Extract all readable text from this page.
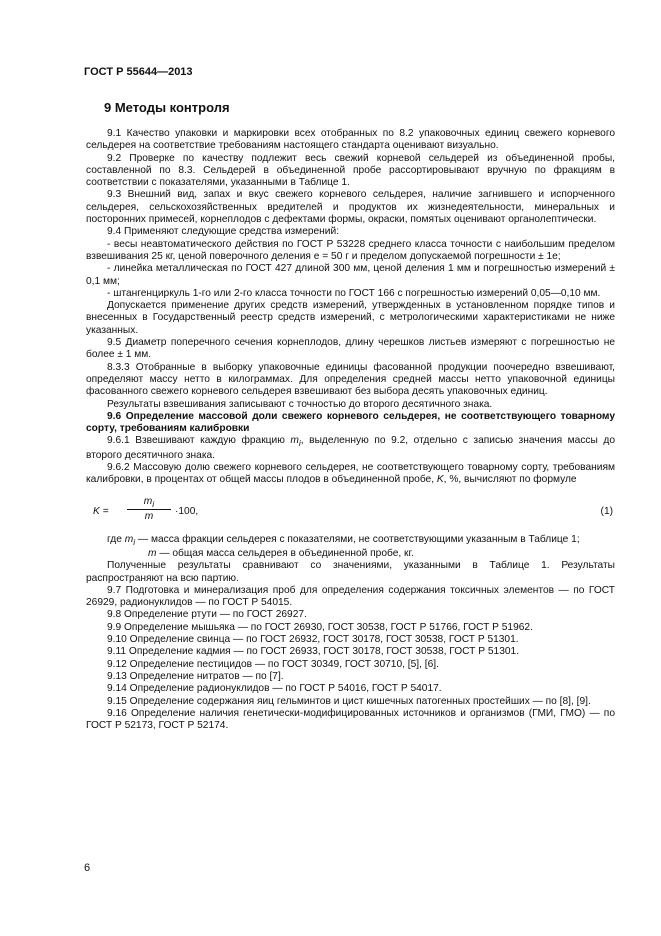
ГОСТ Р 55644—2013
9 Методы контроля

9.1 Качество упаковки и маркировки всех отобранных по 8.2 упаковочных единиц свежего корневого сельдерея на соответствие требованиям настоящего стандарта оценивают визуально.

9.2 Проверке по качеству подлежит весь свежий корневой сельдерей из объединенной пробы, составленной по 8.3. Сельдерей в объединенной пробе рассортировывают вручную по фракциям в соответствии с показателями, указанными в Таблице 1.

9.3 Внешний вид, запах и вкус свежего корневого сельдерея, наличие загнившего и испорченного сельдерея, сельскохозяйственных вредителей и продуктов их жизнедеятельности, минеральных и посторонних примесей, корнеплодов с дефектами формы, окраски, помятых оценивают органолептически.

9.4 Применяют следующие средства измерений:

- весы неавтоматического действия по ГОСТ Р 53228 среднего класса точности с наибольшим пределом взвешивания 25 кг, ценой поверочного деления е = 50 г и пределом допускаемой погрешности ± 1е;

- линейка металлическая по ГОСТ 427 длиной 300 мм, ценой деления 1 мм и погрешностью измерений ± 0,1 мм;

- штангенциркуль 1-го или 2-го класса точности по ГОСТ 166 с погрешностью измерений 0,05—0,10 мм.

Допускается применение других средств измерений, утвержденных в установленном порядке типов и внесенных в Государственный реестр средств измерений, с метрологическими характеристиками не ниже указанных.

9.5 Диаметр поперечного сечения корнеплодов, длину черешков листьев измеряют с погрешностью не более ± 1 мм.

8.3.3 Отобранные в выборку упаковочные единицы фасованной продукции поочередно взвешивают, определяют массу нетто в килограммах. Для определения средней массы нетто упаковочной единицы фасованного свежего корневого сельдерея взвешивают без выбора десять упаковочных единиц.

Результаты взвешивания записывают с точностью до второго десятичного знака.

9.6 Определение массовой доли свежего корневого сельдерея, не соответствующего товарному сорту, требованиям калибровки

9.6.1 Взвешивают каждую фракцию $m_i$, выделенную по 9.2, отдельно с записью значения массы до второго десятичного знака.

9.6.2 Массовую долю свежего корневого сельдерея, не соответствующего товарному сорту, требованиям калибровки, в процентах от общей массы плодов в объединенной пробе, K, %, вычисляют по формуле

K =
$m_i$
m	·100,	(1)

где $m_i$ — масса фракции сельдерея с показателями, не соответствующими указанным в Таблице 1;

m — общая масса сельдерея в объединенной пробе, кг.

Полученные результаты сравнивают со значениями, указанными в Таблице 1. Результаты распространяют на всю партию.

9.7 Подготовка и минерализация проб для определения содержания токсичных элементов — по ГОСТ 26929, радионуклидов — по ГОСТ Р 54015.

9.8 Определение ртути — по ГОСТ 26927.

9.9 Определение мышьяка — по ГОСТ 26930, ГОСТ 30538, ГОСТ Р 51766, ГОСТ Р 51962.

9.10 Определение свинца — по ГОСТ 26932, ГОСТ 30178, ГОСТ 30538, ГОСТ Р 51301.

9.11 Определение кадмия — по ГОСТ 26933, ГОСТ 30178, ГОСТ 30538, ГОСТ Р 51301.

9.12 Определение пестицидов — по ГОСТ 30349, ГОСТ 30710, [5], [6].

9.13 Определение нитратов — по [7].

9.14 Определение радионуклидов — по ГОСТ Р 54016, ГОСТ Р 54017.

9.15 Определение содержания яиц гельминтов и цист кишечных патогенных простейших — по [8], [9].

9.16 Определение наличия генетически-модифицированных источников и организмов (ГМИ, ГМО) — по ГОСТ Р 52173, ГОСТ Р 52174.

6
